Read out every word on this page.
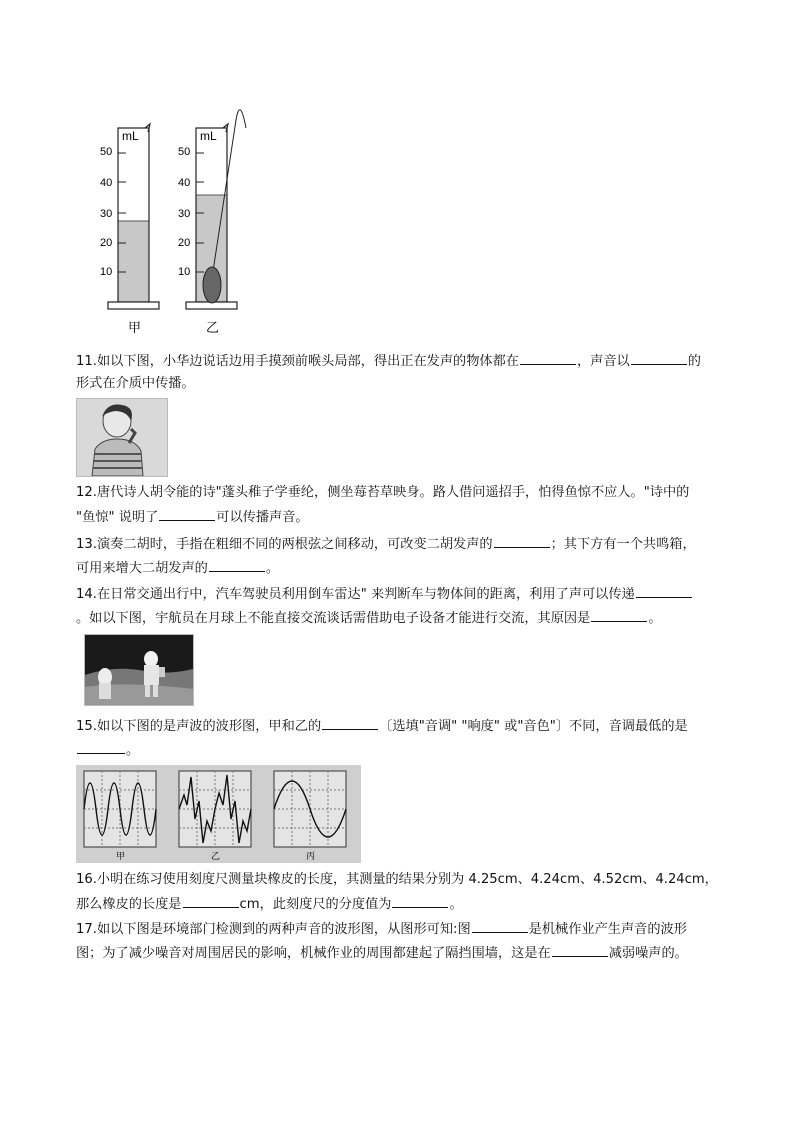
mL
50
40
30
20
10
甲
mL
50
40
30
20
10
乙
11.如以下图，小华边说话边用手摸颈前喉头局部，得出正在发声的物体都在	，声音以	的
形式在介质中传播。
12.唐代诗人胡令能的诗"蓬头稚子学垂纶，侧坐莓苔草映身。路人借问遥招手，怕得鱼惊不应人。"诗中的
"鱼惊" 说明了	可以传播声音。
13.演奏二胡时，手指在粗细不同的两根弦之间移动，可改变二胡发声的	；其下方有一个共鸣箱，
可用来增大二胡发声的	。
14.在日常交通出行中，汽车驾驶员利用倒车雷达" 来判断车与物体间的距离，利用了声可以传递
。如以下图，宇航员在月球上不能直接交流谈话需借助电子设备才能进行交流，其原因是	。
15.如以下图的是声波的波形图，甲和乙的	〔选填"音调" "响度" 或"音色"〕不同，音调最低的是
。
甲	乙	丙
16.小明在练习使用刻度尺测量块橡皮的长度，其测量的结果分别为 4.25cm、4.24cm、4.52cm、4.24cm，
那么橡皮的长度是	cm，此刻度尺的分度值为	。
17.如以下图是环境部门检测到的两种声音的波形图，从图形可知:图	是机械作业产生声音的波形
图；为了减少噪音对周围居民的影响，机械作业的周围都建起了隔挡围墙，这是在	减弱噪声的。
